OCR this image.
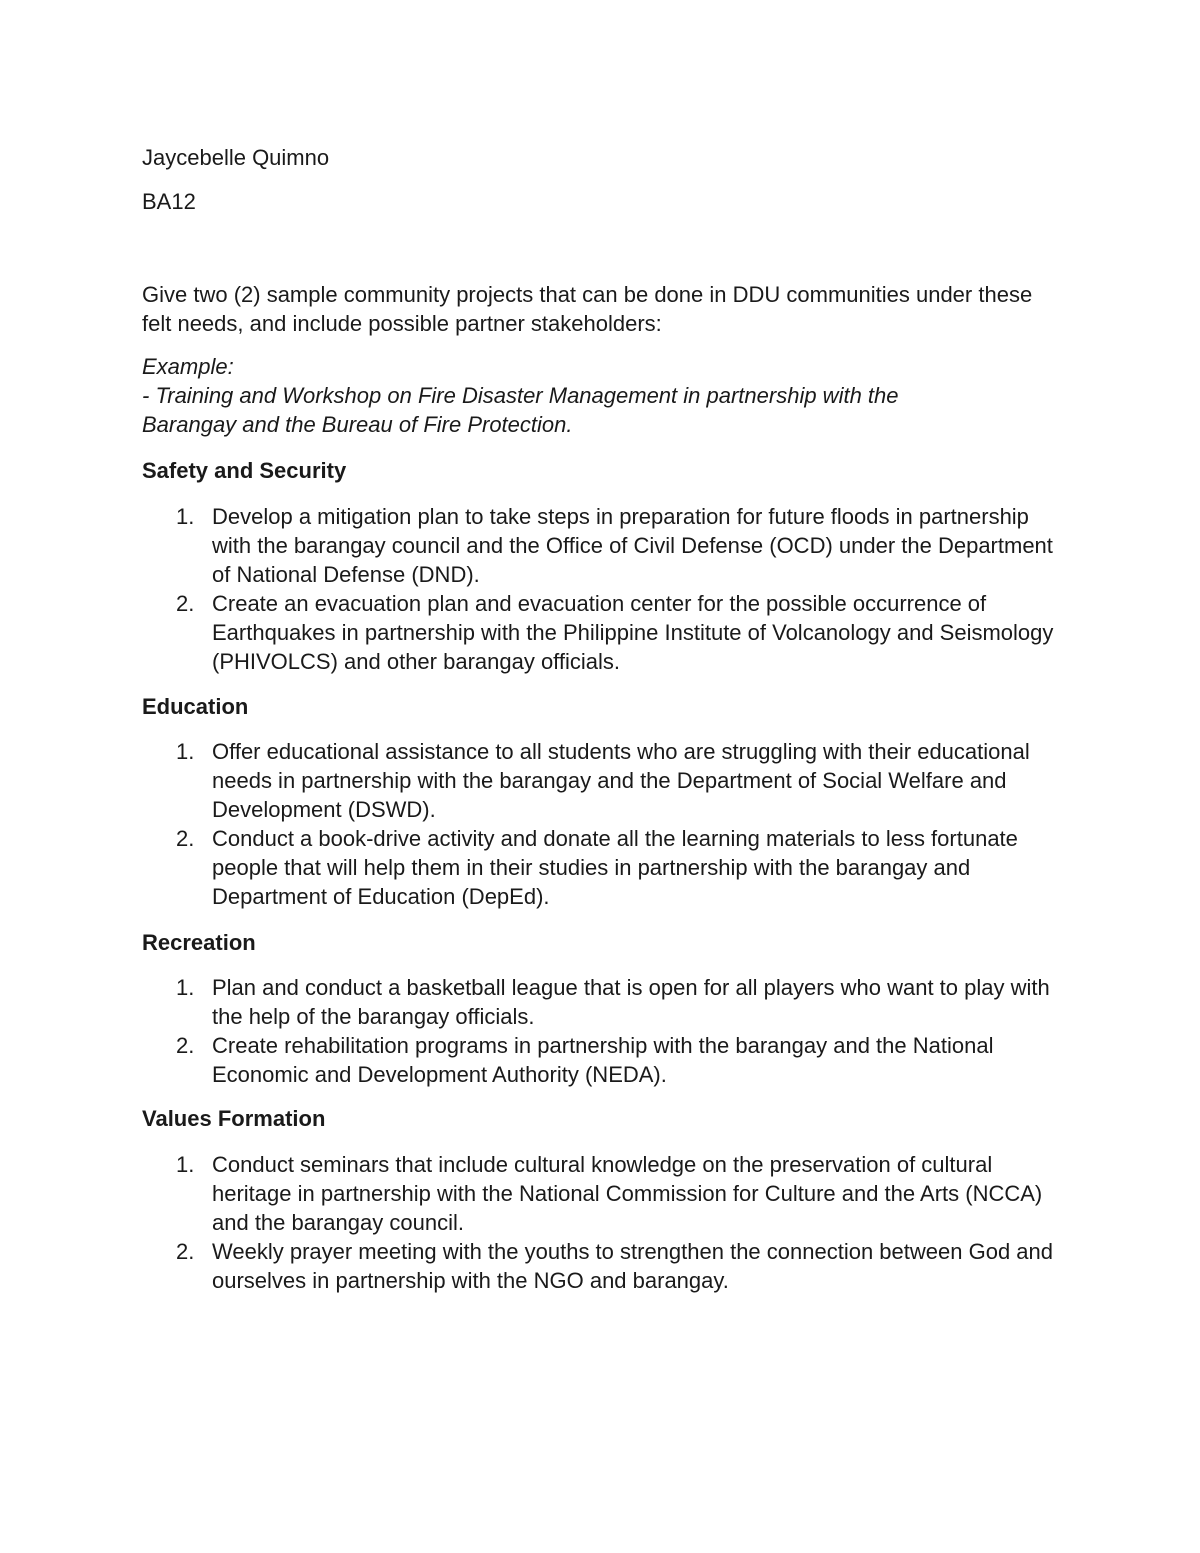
Jaycebelle Quimno

BA12

Give two (2) sample community projects that can be done in DDU communities under these felt needs, and include possible partner stakeholders:

Example:

- Training and Workshop on Fire Disaster Management in partnership with the

Barangay and the Bureau of Fire Protection.

Safety and Security

1. Develop a mitigation plan to take steps in preparation for future floods in partnership with the barangay council and the Office of Civil Defense (OCD) under the Department of National Defense (DND).
2. Create an evacuation plan and evacuation center for the possible occurrence of Earthquakes in partnership with the Philippine Institute of Volcanology and Seismology (PHIVOLCS) and other barangay officials.

Education

1. Offer educational assistance to all students who are struggling with their educational needs in partnership with the barangay and the Department of Social Welfare and Development (DSWD).
2. Conduct a book-drive activity and donate all the learning materials to less fortunate people that will help them in their studies in partnership with the barangay and Department of Education (DepEd).

Recreation

1. Plan and conduct a basketball league that is open for all players who want to play with the help of the barangay officials.
2. Create rehabilitation programs in partnership with the barangay and the National Economic and Development Authority (NEDA).

Values Formation

1. Conduct seminars that include cultural knowledge on the preservation of cultural heritage in partnership with the National Commission for Culture and the Arts (NCCA) and the barangay council.
2. Weekly prayer meeting with the youths to strengthen the connection between God and ourselves in partnership with the NGO and barangay.
